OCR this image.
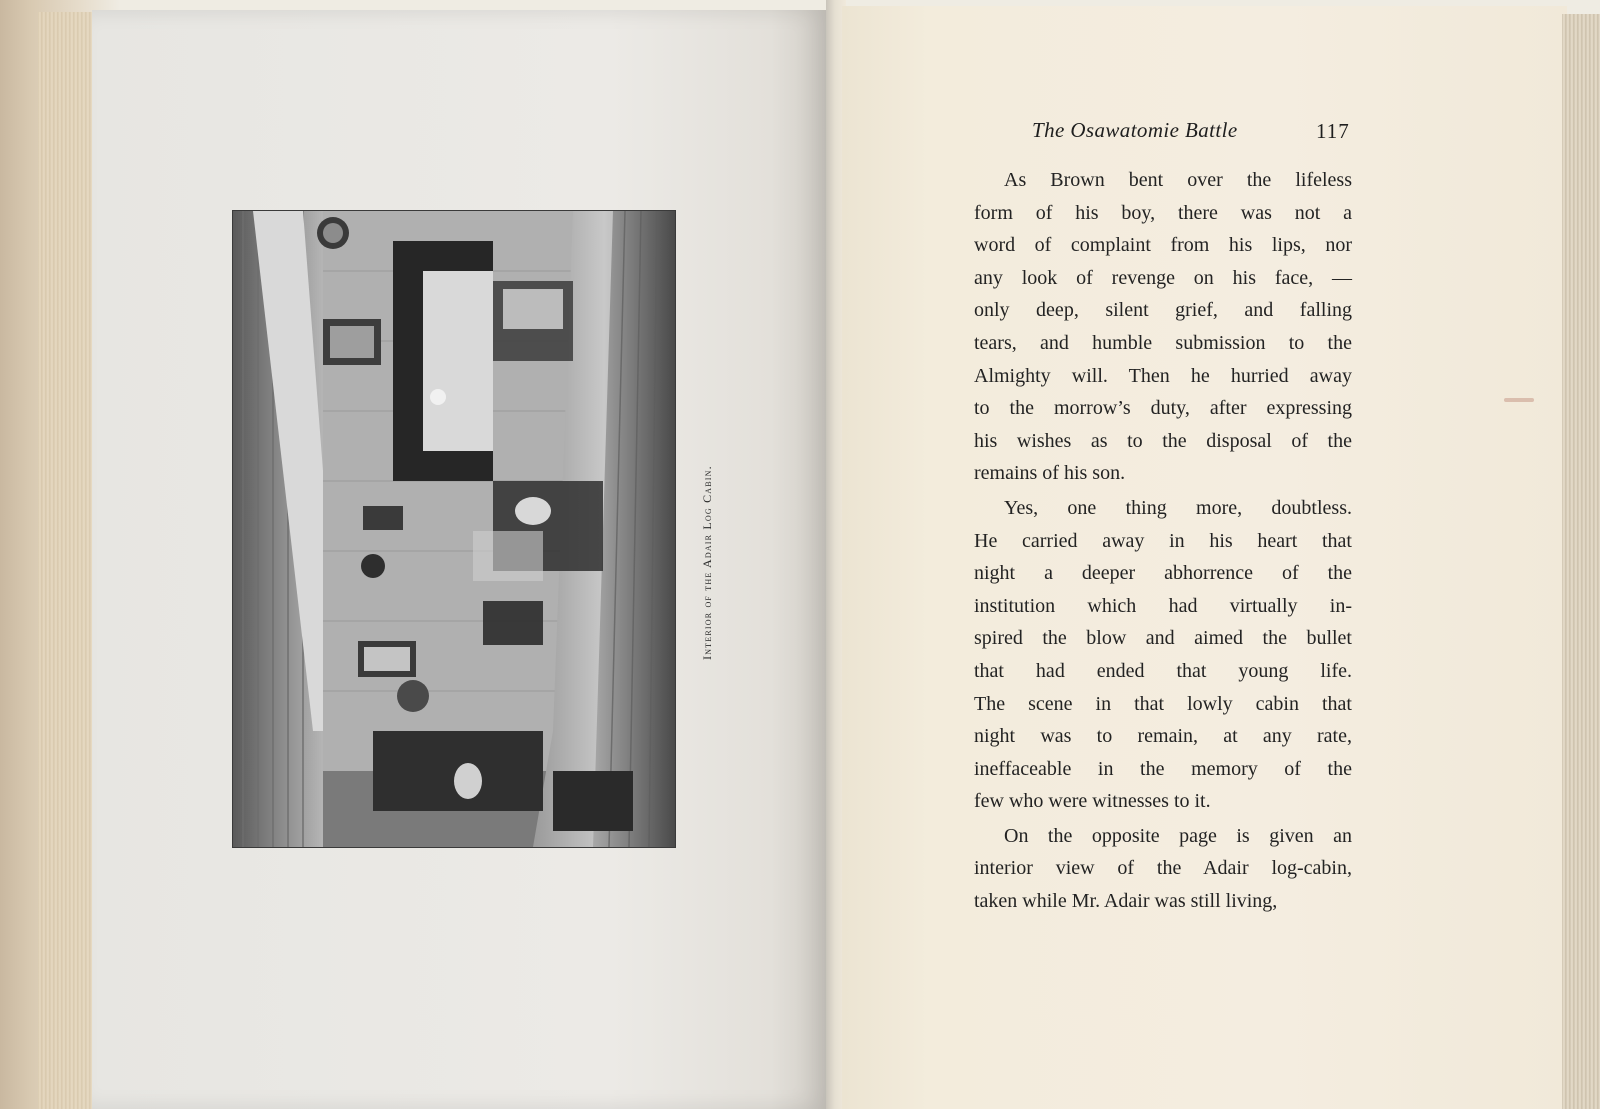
Interior of the Adair Log Cabin.
The Osawatomie Battle	117

As Brown bent over the lifeless
form of his boy, there was not a
word of complaint from his lips, nor
any look of revenge on his face, —
only deep, silent grief, and falling
tears, and humble submission to the
Almighty will. Then he hurried away
to the morrow’s duty, after expressing
his wishes as to the disposal of the
remains of his son.

Yes, one thing more, doubtless.
He carried away in his heart that
night a deeper abhorrence of the
institution which had virtually in-
spired the blow and aimed the bullet
that had ended that young life.
The scene in that lowly cabin that
night was to remain, at any rate,
ineffaceable in the memory of the
few who were witnesses to it.

On the opposite page is given an
interior view of the Adair log-cabin,
taken while Mr. Adair was still living,
